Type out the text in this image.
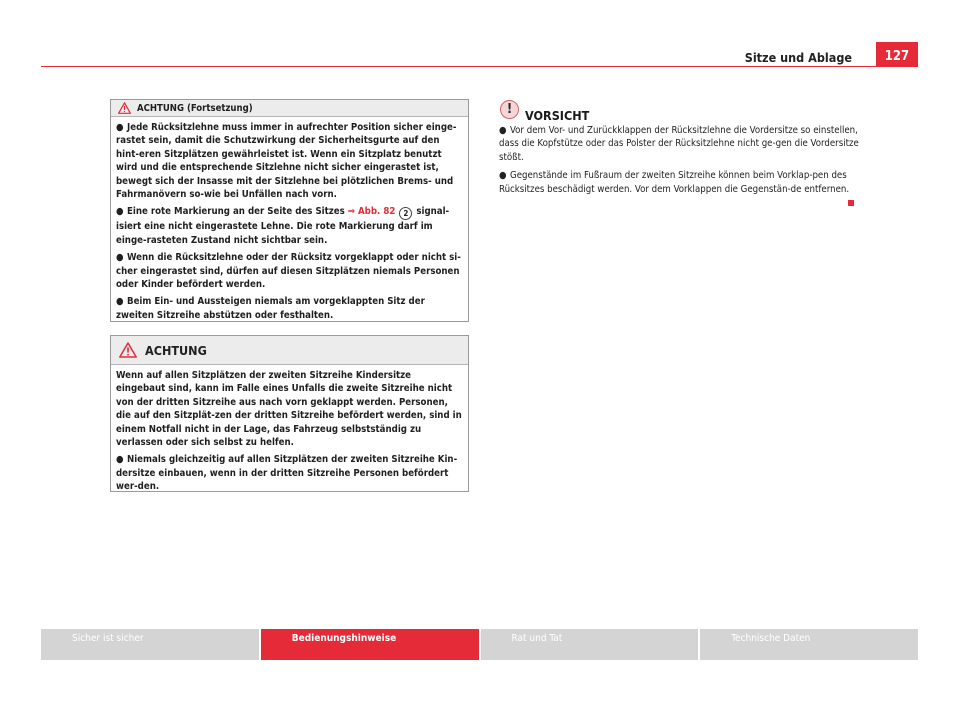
Sitze und Ablage	127
ACHTUNG (Fortsetzung)

● Jede Rücksitzlehne muss immer in aufrechter Position sicher einge-rastet sein, damit die Schutzwirkung der Sicherheitsgurte auf den hint-eren Sitzplätzen gewährleistet ist. Wenn ein Sitzplatz benutzt wird und die entsprechende Sitzlehne nicht sicher eingerastet ist, bewegt sich der Insasse mit der Sitzlehne bei plötzlichen Brems- und Fahrmanövern so-wie bei Unfällen nach vorn.

● Eine rote Markierung an der Seite des Sitzes ⇒ Abb. 82 2 signal-isiert eine nicht eingerastete Lehne. Die rote Markierung darf im einge-rasteten Zustand nicht sichtbar sein.

● Wenn die Rücksitzlehne oder der Rücksitz vorgeklappt oder nicht si-cher eingerastet sind, dürfen auf diesen Sitzplätzen niemals Personen oder Kinder befördert werden.

● Beim Ein- und Aussteigen niemals am vorgeklappten Sitz der zweiten Sitzreihe abstützen oder festhalten.

ACHTUNG

Wenn auf allen Sitzplätzen der zweiten Sitzreihe Kindersitze eingebaut sind, kann im Falle eines Unfalls die zweite Sitzreihe nicht von der dritten Sitzreihe aus nach vorn geklappt werden. Personen, die auf den Sitzplät-zen der dritten Sitzreihe befördert werden, sind in einem Notfall nicht in der Lage, das Fahrzeug selbstständig zu verlassen oder sich selbst zu helfen.

● Niemals gleichzeitig auf allen Sitzplätzen der zweiten Sitzreihe Kin-dersitze einbauen, wenn in der dritten Sitzreihe Personen befördert wer-den.

!	VORSICHT

● Vor dem Vor- und Zurückklappen der Rücksitzlehne die Vordersitze so einstellen, dass die Kopfstütze oder das Polster der Rücksitzlehne nicht ge-gen die Vordersitze stößt.

● Gegenstände im Fußraum der zweiten Sitzreihe können beim Vorklap-pen des Rücksitzes beschädigt werden. Vor dem Vorklappen die Gegenstän-de entfernen.

Sicher ist sicher	Bedienungshinweise	Rat und Tat	Technische Daten
